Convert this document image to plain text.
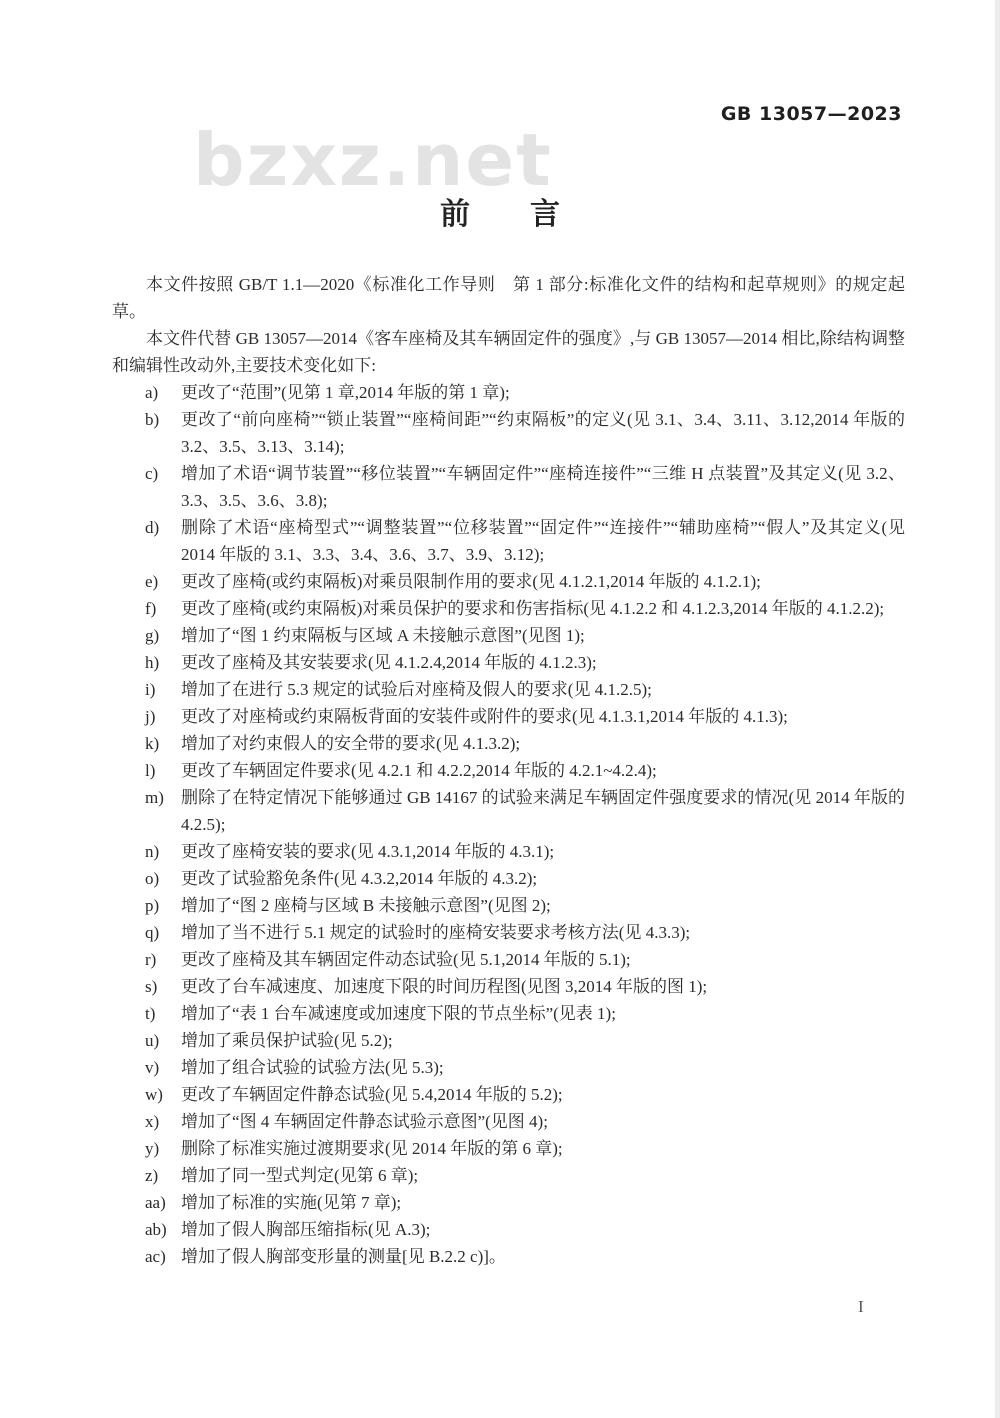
GB 13057—2023
bzxz.net
前　　言

本文件按照 GB/T 1.1—2020《标准化工作导则　第 1 部分:标准化文件的结构和起草规则》的规定起草。

本文件代替 GB 13057—2014《客车座椅及其车辆固定件的强度》,与 GB 13057—2014 相比,除结构调整和编辑性改动外,主要技术变化如下:

a)	更改了“范围”(见第 1 章,2014 年版的第 1 章);
b)	更改了“前向座椅”“锁止装置”“座椅间距”“约束隔板”的定义(见 3.1、3.4、3.11、3.12,2014 年版的 3.2、3.5、3.13、3.14);
c)	增加了术语“调节装置”“移位装置”“车辆固定件”“座椅连接件”“三维 H 点装置”及其定义(见 3.2、3.3、3.5、3.6、3.8);
d)	删除了术语“座椅型式”“调整装置”“位移装置”“固定件”“连接件”“辅助座椅”“假人”及其定义(见 2014 年版的 3.1、3.3、3.4、3.6、3.7、3.9、3.12);
e)	更改了座椅(或约束隔板)对乘员限制作用的要求(见 4.1.2.1,2014 年版的 4.1.2.1);
f)	更改了座椅(或约束隔板)对乘员保护的要求和伤害指标(见 4.1.2.2 和 4.1.2.3,2014 年版的 4.1.2.2);
g)	增加了“图 1 约束隔板与区域 A 未接触示意图”(见图 1);
h)	更改了座椅及其安装要求(见 4.1.2.4,2014 年版的 4.1.2.3);
i)	增加了在进行 5.3 规定的试验后对座椅及假人的要求(见 4.1.2.5);
j)	更改了对座椅或约束隔板背面的安装件或附件的要求(见 4.1.3.1,2014 年版的 4.1.3);
k)	增加了对约束假人的安全带的要求(见 4.1.3.2);
l)	更改了车辆固定件要求(见 4.2.1 和 4.2.2,2014 年版的 4.2.1~4.2.4);
m)	删除了在特定情况下能够通过 GB 14167 的试验来满足车辆固定件强度要求的情况(见 2014 年版的 4.2.5);
n)	更改了座椅安装的要求(见 4.3.1,2014 年版的 4.3.1);
o)	更改了试验豁免条件(见 4.3.2,2014 年版的 4.3.2);
p)	增加了“图 2 座椅与区域 B 未接触示意图”(见图 2);
q)	增加了当不进行 5.1 规定的试验时的座椅安装要求考核方法(见 4.3.3);
r)	更改了座椅及其车辆固定件动态试验(见 5.1,2014 年版的 5.1);
s)	更改了台车减速度、加速度下限的时间历程图(见图 3,2014 年版的图 1);
t)	增加了“表 1 台车减速度或加速度下限的节点坐标”(见表 1);
u)	增加了乘员保护试验(见 5.2);
v)	增加了组合试验的试验方法(见 5.3);
w)	更改了车辆固定件静态试验(见 5.4,2014 年版的 5.2);
x)	增加了“图 4 车辆固定件静态试验示意图”(见图 4);
y)	删除了标准实施过渡期要求(见 2014 年版的第 6 章);
z)	增加了同一型式判定(见第 6 章);
aa) 增加了标准的实施(见第 7 章);
ab) 增加了假人胸部压缩指标(见 A.3);
ac) 增加了假人胸部变形量的测量[见 B.2.2 c)]。
I
